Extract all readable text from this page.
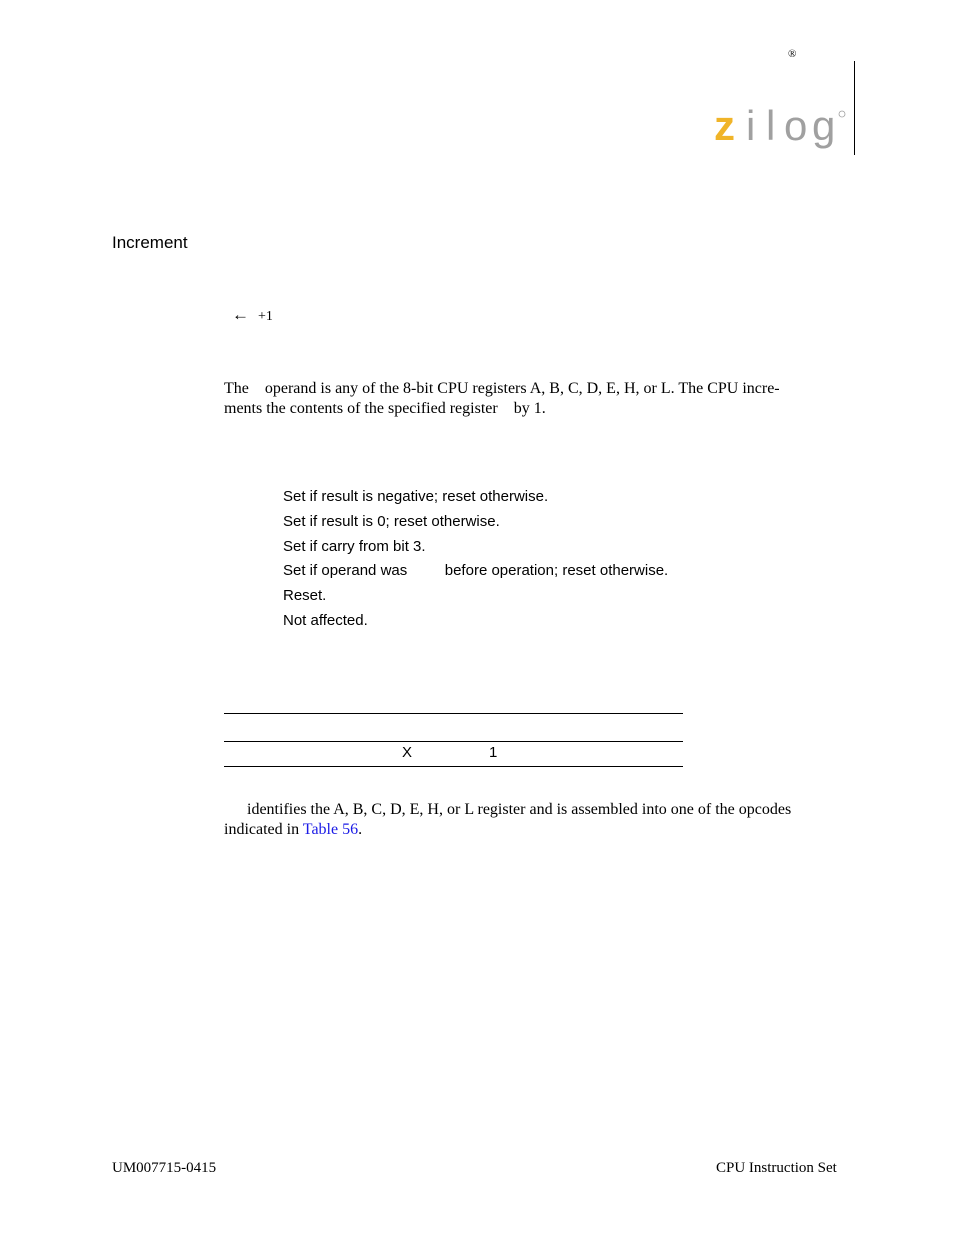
®
z i l o g
Increment
← +1
The    operand is any of the 8-bit CPU registers A, B, C, D, E, H, or L. The CPU incre-
ments the contents of the specified register    by 1.
Set if result is negative; reset otherwise.
Set if result is 0; reset otherwise.
Set if carry from bit 3.
Set if operand was         before operation; reset otherwise.
Reset.
Not affected.
X	1
identifies the A, B, C, D, E, H, or L register and is assembled into one of the opcodes
indicated in Table 56.
UM007715-0415	CPU Instruction Set
